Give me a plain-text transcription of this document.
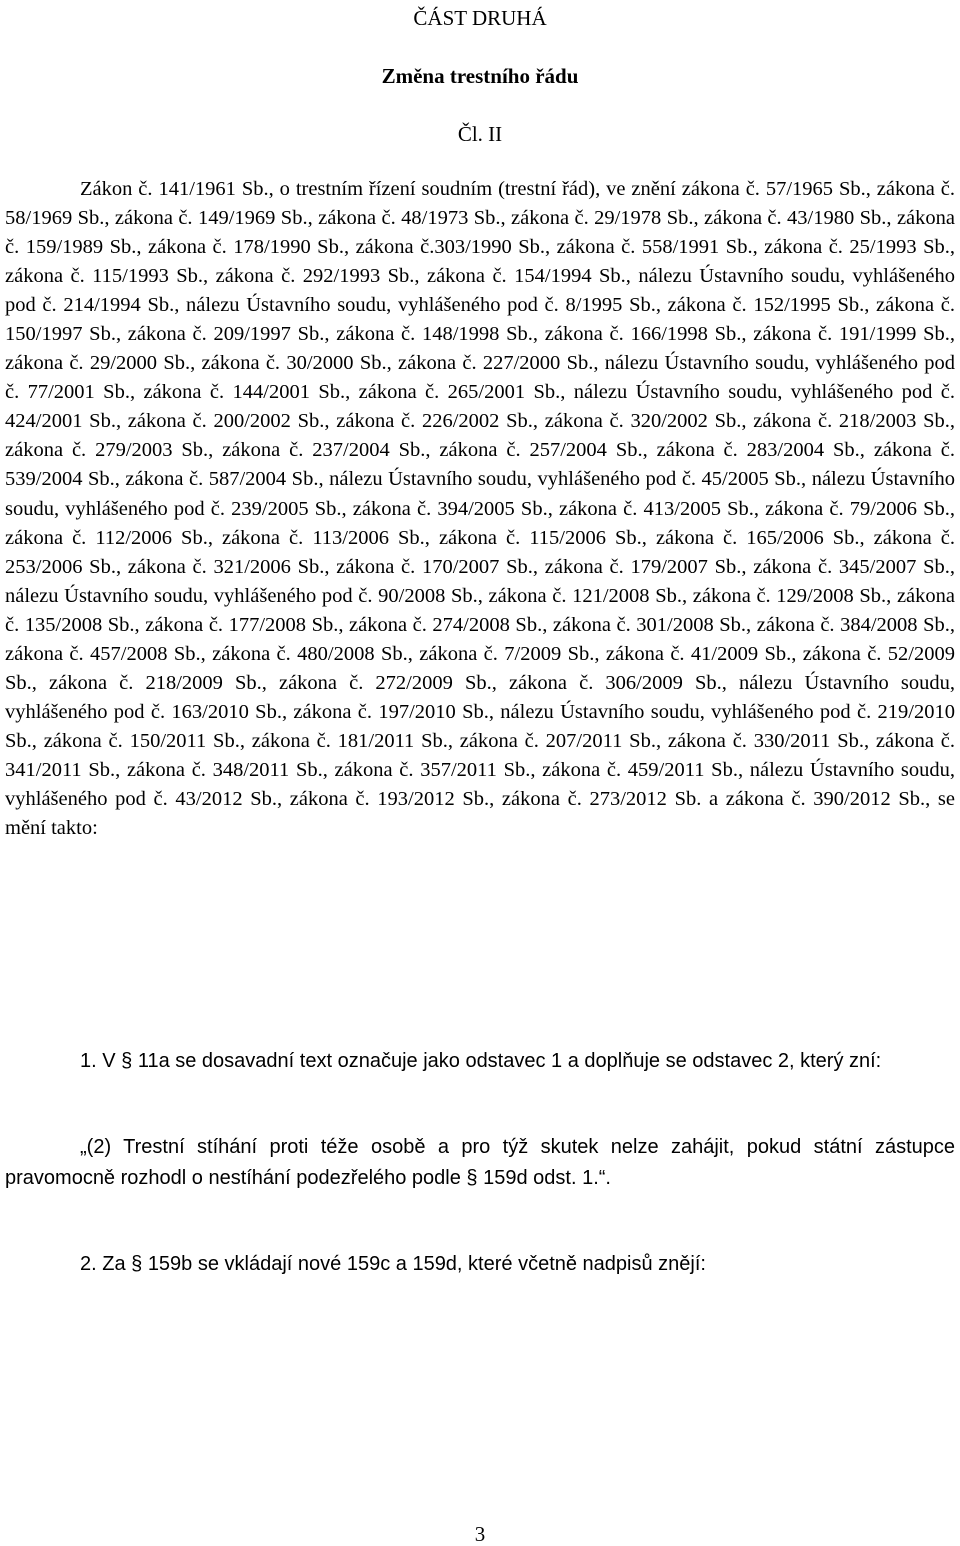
ČÁST DRUHÁ
Změna trestního řádu
Čl. II

Zákon č. 141/1961 Sb., o trestním řízení soudním (trestní řád), ve znění zákona č. 57/1965 Sb., zákona č. 58/1969 Sb., zákona č. 149/1969 Sb., zákona č. 48/1973 Sb., zákona č. 29/1978 Sb., zákona č. 43/1980 Sb., zákona č. 159/1989 Sb., zákona č. 178/1990 Sb., zákona č.303/1990 Sb., zákona č. 558/1991 Sb., zákona č. 25/1993 Sb., zákona č. 115/1993 Sb., zákona č. 292/1993 Sb., zákona č. 154/1994 Sb., nálezu Ústavního soudu, vyhlášeného pod č. 214/1994 Sb., nálezu Ústavního soudu, vyhlášeného pod č. 8/1995 Sb., zákona č. 152/1995 Sb., zákona č. 150/1997 Sb., zákona č. 209/1997 Sb., zákona č. 148/1998 Sb., zákona č. 166/1998 Sb., zákona č. 191/1999 Sb., zákona č. 29/2000 Sb., zákona č. 30/2000 Sb., zákona č. 227/2000 Sb., nálezu Ústavního soudu, vyhlášeného pod č. 77/2001 Sb., zákona č. 144/2001 Sb., zákona č. 265/2001 Sb., nálezu Ústavního soudu, vyhlášeného pod č. 424/2001 Sb., zákona č. 200/2002 Sb., zákona č. 226/2002 Sb., zákona č. 320/2002 Sb., zákona č. 218/2003 Sb., zákona č. 279/2003 Sb., zákona č. 237/2004 Sb., zákona č. 257/2004 Sb., zákona č. 283/2004 Sb., zákona č. 539/2004 Sb., zákona č. 587/2004 Sb., nálezu Ústavního soudu, vyhlášeného pod č. 45/2005 Sb., nálezu Ústavního soudu, vyhlášeného pod č. 239/2005 Sb., zákona č. 394/2005 Sb., zákona č. 413/2005 Sb., zákona č. 79/2006 Sb., zákona č. 112/2006 Sb., zákona č. 113/2006 Sb., zákona č. 115/2006 Sb., zákona č. 165/2006 Sb., zákona č. 253/2006 Sb., zákona č. 321/2006 Sb., zákona č. 170/2007 Sb., zákona č. 179/2007 Sb., zákona č. 345/2007 Sb., nálezu Ústavního soudu, vyhlášeného pod č. 90/2008 Sb., zákona č. 121/2008 Sb., zákona č. 129/2008 Sb., zákona č. 135/2008 Sb., zákona č. 177/2008 Sb., zákona č. 274/2008 Sb., zákona č. 301/2008 Sb., zákona č. 384/2008 Sb., zákona č. 457/2008 Sb., zákona č. 480/2008 Sb., zákona č. 7/2009 Sb., zákona č. 41/2009 Sb., zákona č. 52/2009 Sb., zákona č. 218/2009 Sb., zákona č. 272/2009 Sb., zákona č. 306/2009 Sb., nálezu Ústavního soudu, vyhlášeného pod č. 163/2010 Sb., zákona č. 197/2010 Sb., nálezu Ústavního soudu, vyhlášeného pod č. 219/2010 Sb., zákona č. 150/2011 Sb., zákona č. 181/2011 Sb., zákona č. 207/2011 Sb., zákona č. 330/2011 Sb., zákona č. 341/2011 Sb., zákona č. 348/2011 Sb., zákona č. 357/2011 Sb., zákona č. 459/2011 Sb., nálezu Ústavního soudu, vyhlášeného pod č. 43/2012 Sb., zákona č. 193/2012 Sb., zákona č. 273/2012 Sb. a zákona č. 390/2012 Sb., se mění takto:

1. V § 11a se dosavadní text označuje jako odstavec 1 a doplňuje se odstavec 2, který zní:

„(2) Trestní stíhání proti téže osobě a pro týž skutek nelze zahájit, pokud státní zástupce pravomocně rozhodl o nestíhání podezřelého podle § 159d odst. 1.“.

2. Za § 159b se vkládají nové 159c a 159d, které včetně nadpisů znějí:

3
